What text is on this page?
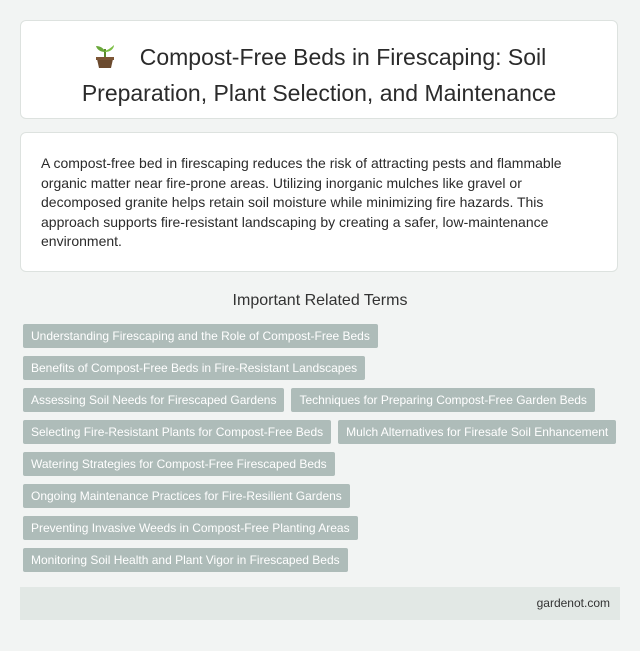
Compost-Free Beds in Firescaping: Soil Preparation, Plant Selection, and Maintenance

A compost-free bed in firescaping reduces the risk of attracting pests and flammable organic matter near fire-prone areas. Utilizing inorganic mulches like gravel or decomposed granite helps retain soil moisture while minimizing fire hazards. This approach supports fire-resistant landscaping by creating a safer, low-maintenance environment.

Important Related Terms
Understanding Firescaping and the Role of Compost-Free Beds
Benefits of Compost-Free Beds in Fire-Resistant Landscapes
Assessing Soil Needs for Firescaped Gardens	Techniques for Preparing Compost-Free Garden Beds
Selecting Fire-Resistant Plants for Compost-Free Beds	Mulch Alternatives for Firesafe Soil Enhancement
Watering Strategies for Compost-Free Firescaped Beds
Ongoing Maintenance Practices for Fire-Resilient Gardens
Preventing Invasive Weeds in Compost-Free Planting Areas
Monitoring Soil Health and Plant Vigor in Firescaped Beds
gardenot.com
